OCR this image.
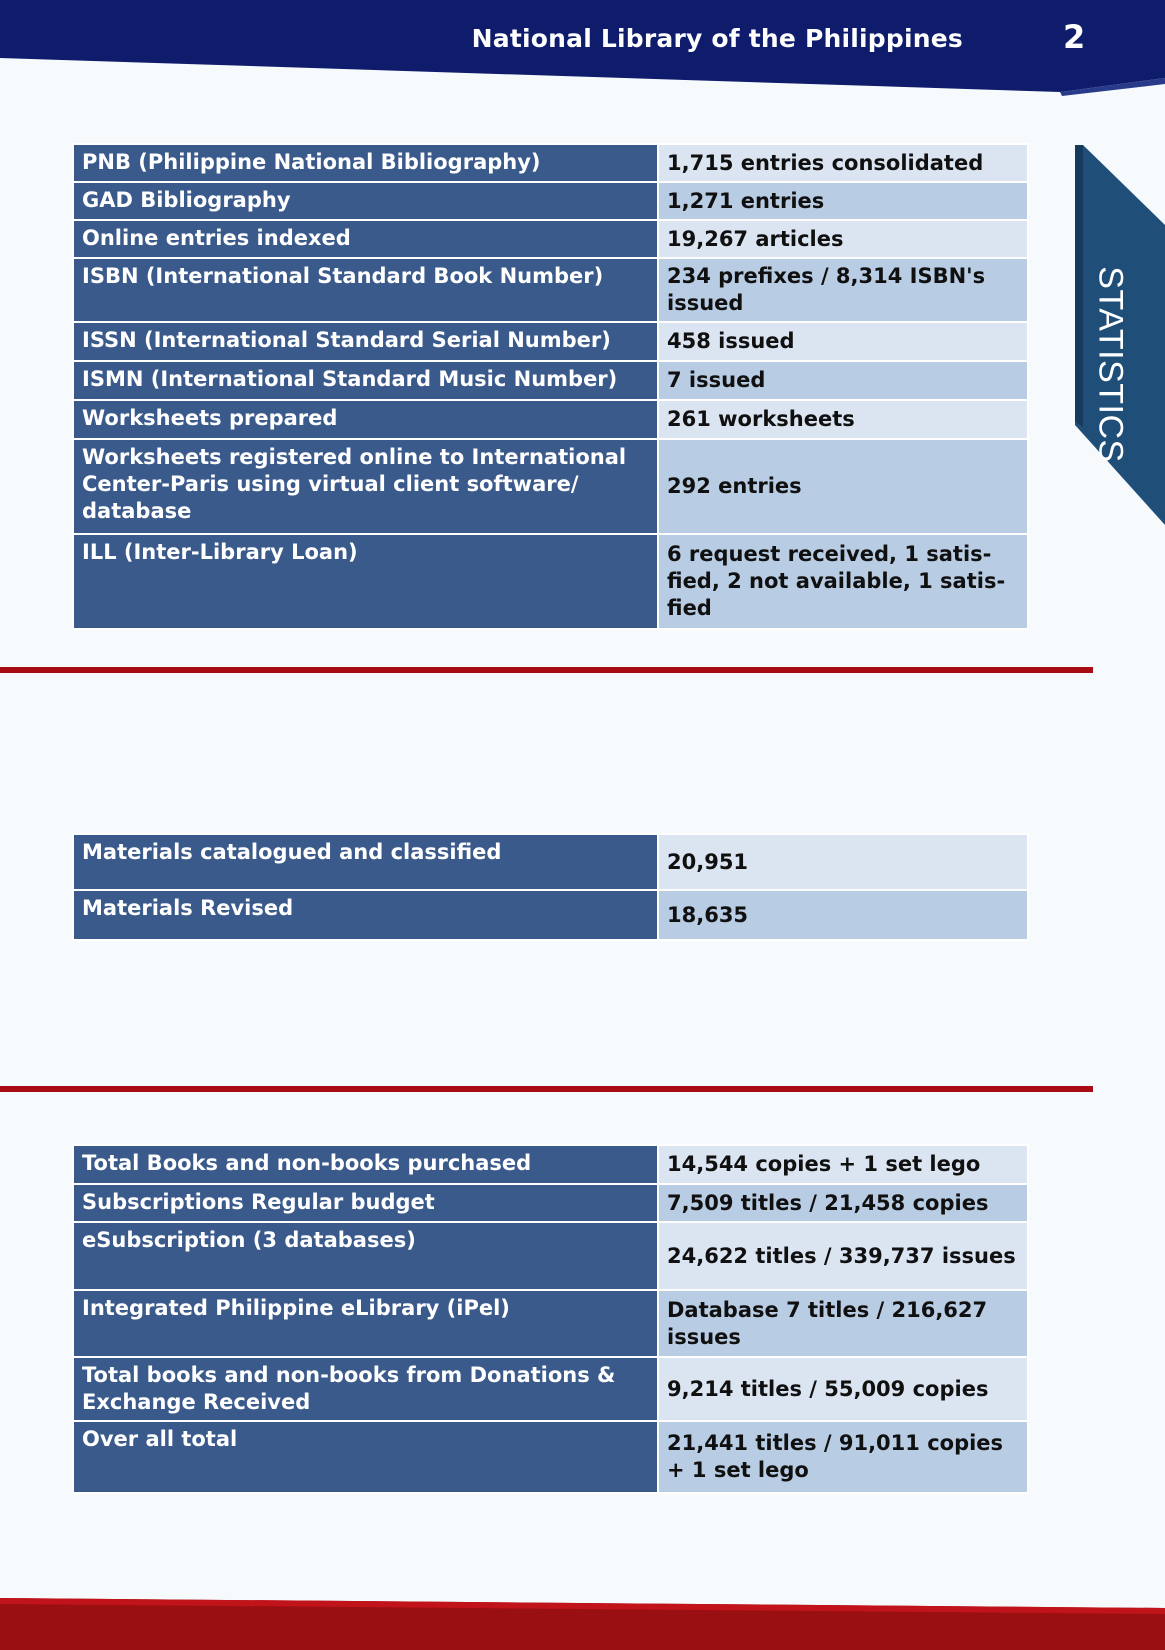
National Library of the Philippines	2
STATISTICS
PNB (Philippine National Bibliography)	1,715 entries consolidated
GAD Bibliography	1,271 entries
Online entries indexed	19,267 articles
ISBN (International Standard Book Number)	234 prefixes / 8,314 ISBN's issued
ISSN (International Standard Serial Number)	458 issued
ISMN (International Standard Music Number)	7 issued
Worksheets prepared	261 worksheets
Worksheets registered online to International Center-Paris using virtual client software/ database	292 entries
ILL (Inter-Library Loan)	6 request received, 1 satis-fied, 2 not available, 1 satis-fied
Materials catalogued and classified	20,951
Materials Revised	18,635
Total Books and non-books purchased	14,544 copies + 1 set lego
Subscriptions Regular budget	7,509 titles / 21,458 copies
eSubscription (3 databases)	24,622 titles / 339,737 issues
Integrated Philippine eLibrary (iPel)	Database 7 titles / 216,627 issues
Total books and non-books from Donations & Exchange Received	9,214 titles / 55,009 copies
Over all total	21,441 titles / 91,011 copies + 1 set lego
